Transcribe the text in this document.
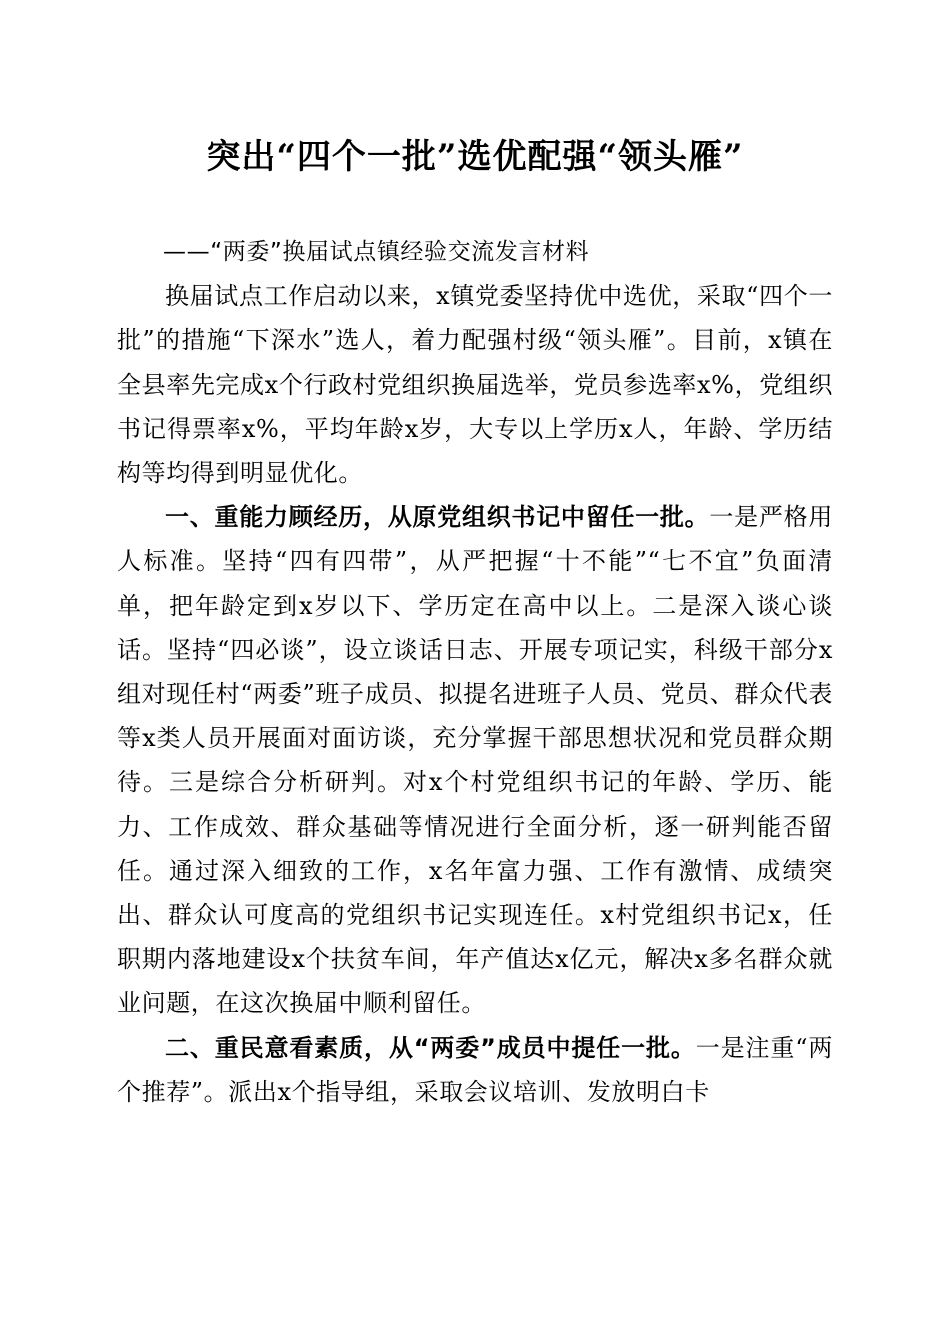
突出“四个一批”选优配强“领头雁”

——“两委”换届试点镇经验交流发言材料

换届试点工作启动以来，x镇党委坚持优中选优，采取“四个一批”的措施“下深水”选人，着力配强村级“领头雁”。目前，x镇在全县率先完成x个行政村党组织换届选举，党员参选率x%，党组织书记得票率x%，平均年龄x岁，大专以上学历x人，年龄、学历结构等均得到明显优化。

一、重能力顾经历，从原党组织书记中留任一批。一是严格用人标准。坚持“四有四带”，从严把握“十不能”“七不宜”负面清单，把年龄定到x岁以下、学历定在高中以上。二是深入谈心谈话。坚持“四必谈”，设立谈话日志、开展专项记实，科级干部分x组对现任村“两委”班子成员、拟提名进班子人员、党员、群众代表等x类人员开展面对面访谈，充分掌握干部思想状况和党员群众期待。三是综合分析研判。对x个村党组织书记的年龄、学历、能力、工作成效、群众基础等情况进行全面分析，逐一研判能否留任。通过深入细致的工作，x名年富力强、工作有激情、成绩突出、群众认可度高的党组织书记实现连任。x村党组织书记x，任职期内落地建设x个扶贫车间，年产值达x亿元，解决x多名群众就业问题，在这次换届中顺利留任。

二、重民意看素质，从“两委”成员中提任一批。一是注重“两个推荐”。派出x个指导组，采取会议培训、发放明白卡
